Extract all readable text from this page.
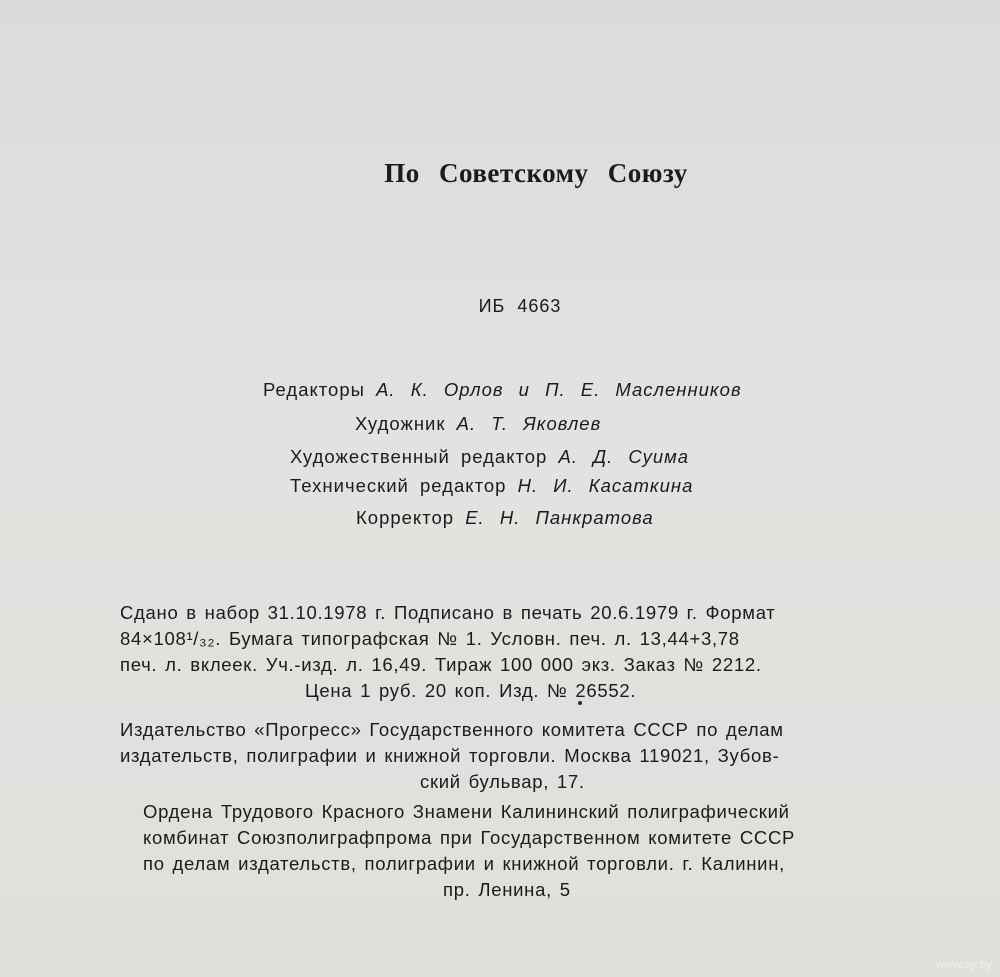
По Советскому Союзу
ИБ 4663
Редакторы А. К. Орлов и П. Е. Масленников
Художник А. Т. Яковлев
Художественный редактор А. Д. Суима
Технический редактор Н. И. Касаткина
Корректор Е. Н. Панкратова
Сдано в набор 31.10.1978 г. Подписано в печать 20.6.1979 г. Формат
84×108¹/₃₂. Бумага типографская № 1. Условн. печ. л. 13,44+3,78
печ. л. вклеек. Уч.-изд. л. 16,49. Тираж 100 000 экз. Заказ № 2212.
Цена 1 руб. 20 коп. Изд. № 26552.
Издательство «Прогресс» Государственного комитета СССР по делам
издательств, полиграфии и книжной торговли. Москва 119021, Зубов-
ский бульвар, 17.
Ордена Трудового Красного Знамени Калининский полиграфический
комбинат Союзполиграфпрома при Государственном комитете СССР
по делам издательств, полиграфии и книжной торговли. г. Калинин,
пр. Ленина, 5
www.ay.by
